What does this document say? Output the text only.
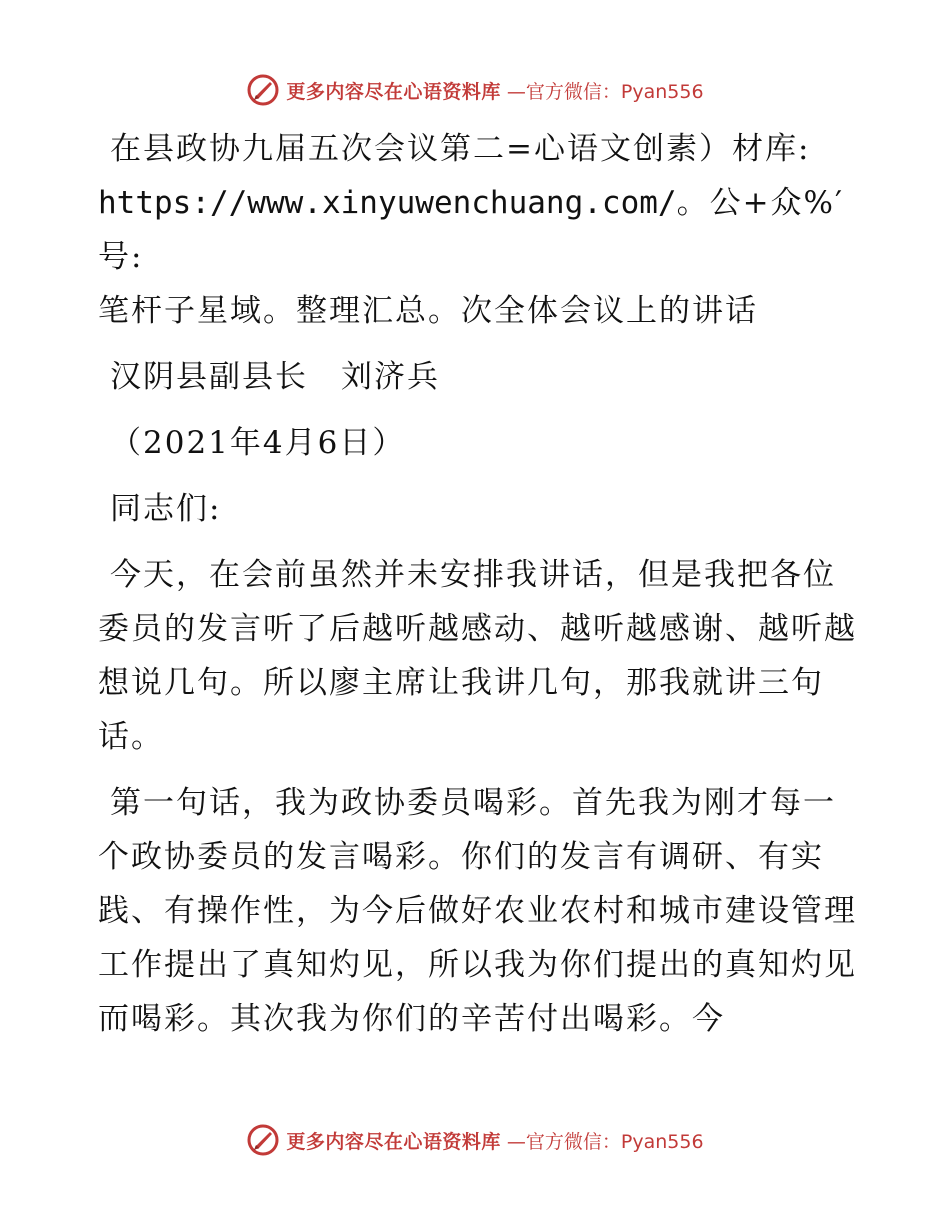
更多内容尽在心语资料库 —官方微信：Pyan556

在县政协九届五次会议第二=心语文创素）材库:
https://www.xinyuwenchuang.com/。公+众%′号:
笔杆子星域。整理汇总。次全体会议上的讲话

汉阴县副县长　刘济兵

（2021年4月6日）

同志们:

今天，在会前虽然并未安排我讲话，但是我把各位委员的发言听了后越听越感动、越听越感谢、越听越想说几句。所以廖主席让我讲几句，那我就讲三句话。

第一句话，我为政协委员喝彩。首先我为刚才每一个政协委员的发言喝彩。你们的发言有调研、有实践、有操作性，为今后做好农业农村和城市建设管理工作提出了真知灼见，所以我为你们提出的真知灼见而喝彩。其次我为你们的辛苦付出喝彩。今

更多内容尽在心语资料库 —官方微信：Pyan556
